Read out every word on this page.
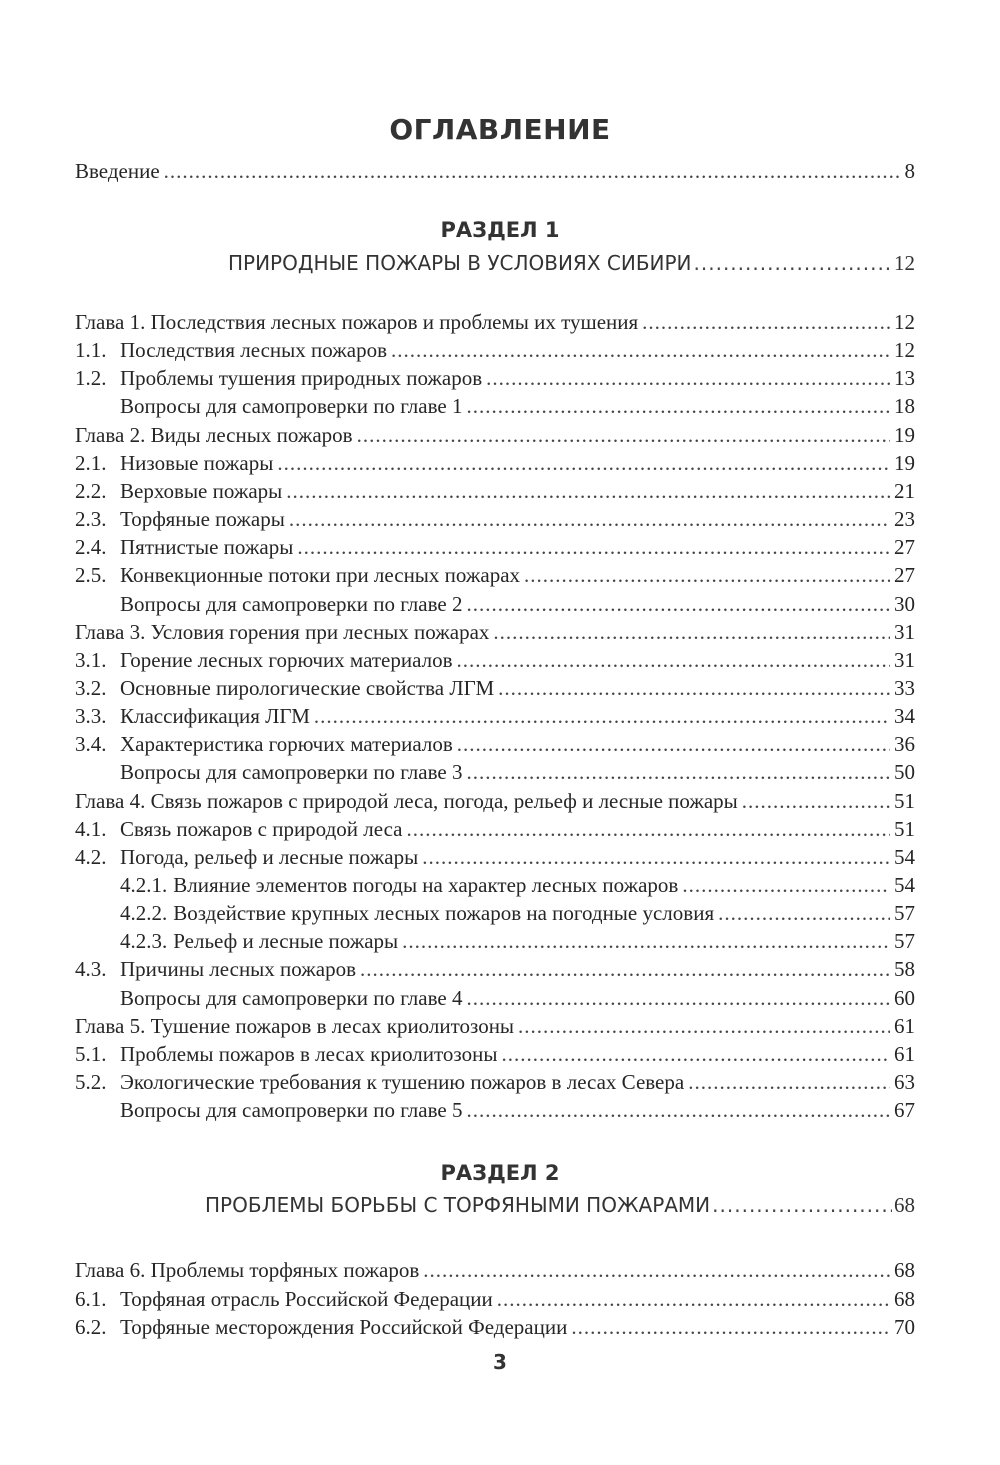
ОГЛАВЛЕНИЕ
Введение .....	8
РАЗДЕЛ 1
ПРИРОДНЫЕ ПОЖАРЫ В УСЛОВИЯХ СИБИРИ .....	12
Глава 1. Последствия лесных пожаров и проблемы их тушения .....	12
1.1. Последствия лесных пожаров .....	12
1.2. Проблемы тушения природных пожаров .....	13
Вопросы для самопроверки по главе 1 .....	18
Глава 2. Виды лесных пожаров .....	19
2.1. Низовые пожары .....	19
2.2. Верховые пожары .....	21
2.3. Торфяные пожары .....	23
2.4. Пятнистые пожары .....	27
2.5. Конвекционные потоки при лесных пожарах .....	27
Вопросы для самопроверки по главе 2 .....	30
Глава 3. Условия горения при лесных пожарах .....	31
3.1. Горение лесных горючих материалов .....	31
3.2. Основные пирологические свойства ЛГМ .....	33
3.3. Классификация ЛГМ .....	34
3.4. Характеристика горючих материалов .....	36
Вопросы для самопроверки по главе 3 .....	50
Глава 4. Связь пожаров с природой леса, погода, рельеф и лесные пожары .....	51
4.1. Связь пожаров с природой леса .....	51
4.2. Погода, рельеф и лесные пожары .....	54
4.2.1. Влияние элементов погоды на характер лесных пожаров .....	54
4.2.2. Воздействие крупных лесных пожаров на погодные условия .....	57
4.2.3. Рельеф и лесные пожары .....	57
4.3. Причины лесных пожаров .....	58
Вопросы для самопроверки по главе 4 .....	60
Глава 5. Тушение пожаров в лесах криолитозоны .....	61
5.1. Проблемы пожаров в лесах криолитозоны .....	61
5.2. Экологические требования к тушению пожаров в лесах Севера .....	63
Вопросы для самопроверки по главе 5 .....	67
РАЗДЕЛ 2
ПРОБЛЕМЫ БОРЬБЫ С ТОРФЯНЫМИ ПОЖАРАМИ .....	68
Глава 6. Проблемы торфяных пожаров .....	68
6.1. Торфяная отрасль Российской Федерации .....	68
6.2. Торфяные месторождения Российской Федерации .....	70
3
